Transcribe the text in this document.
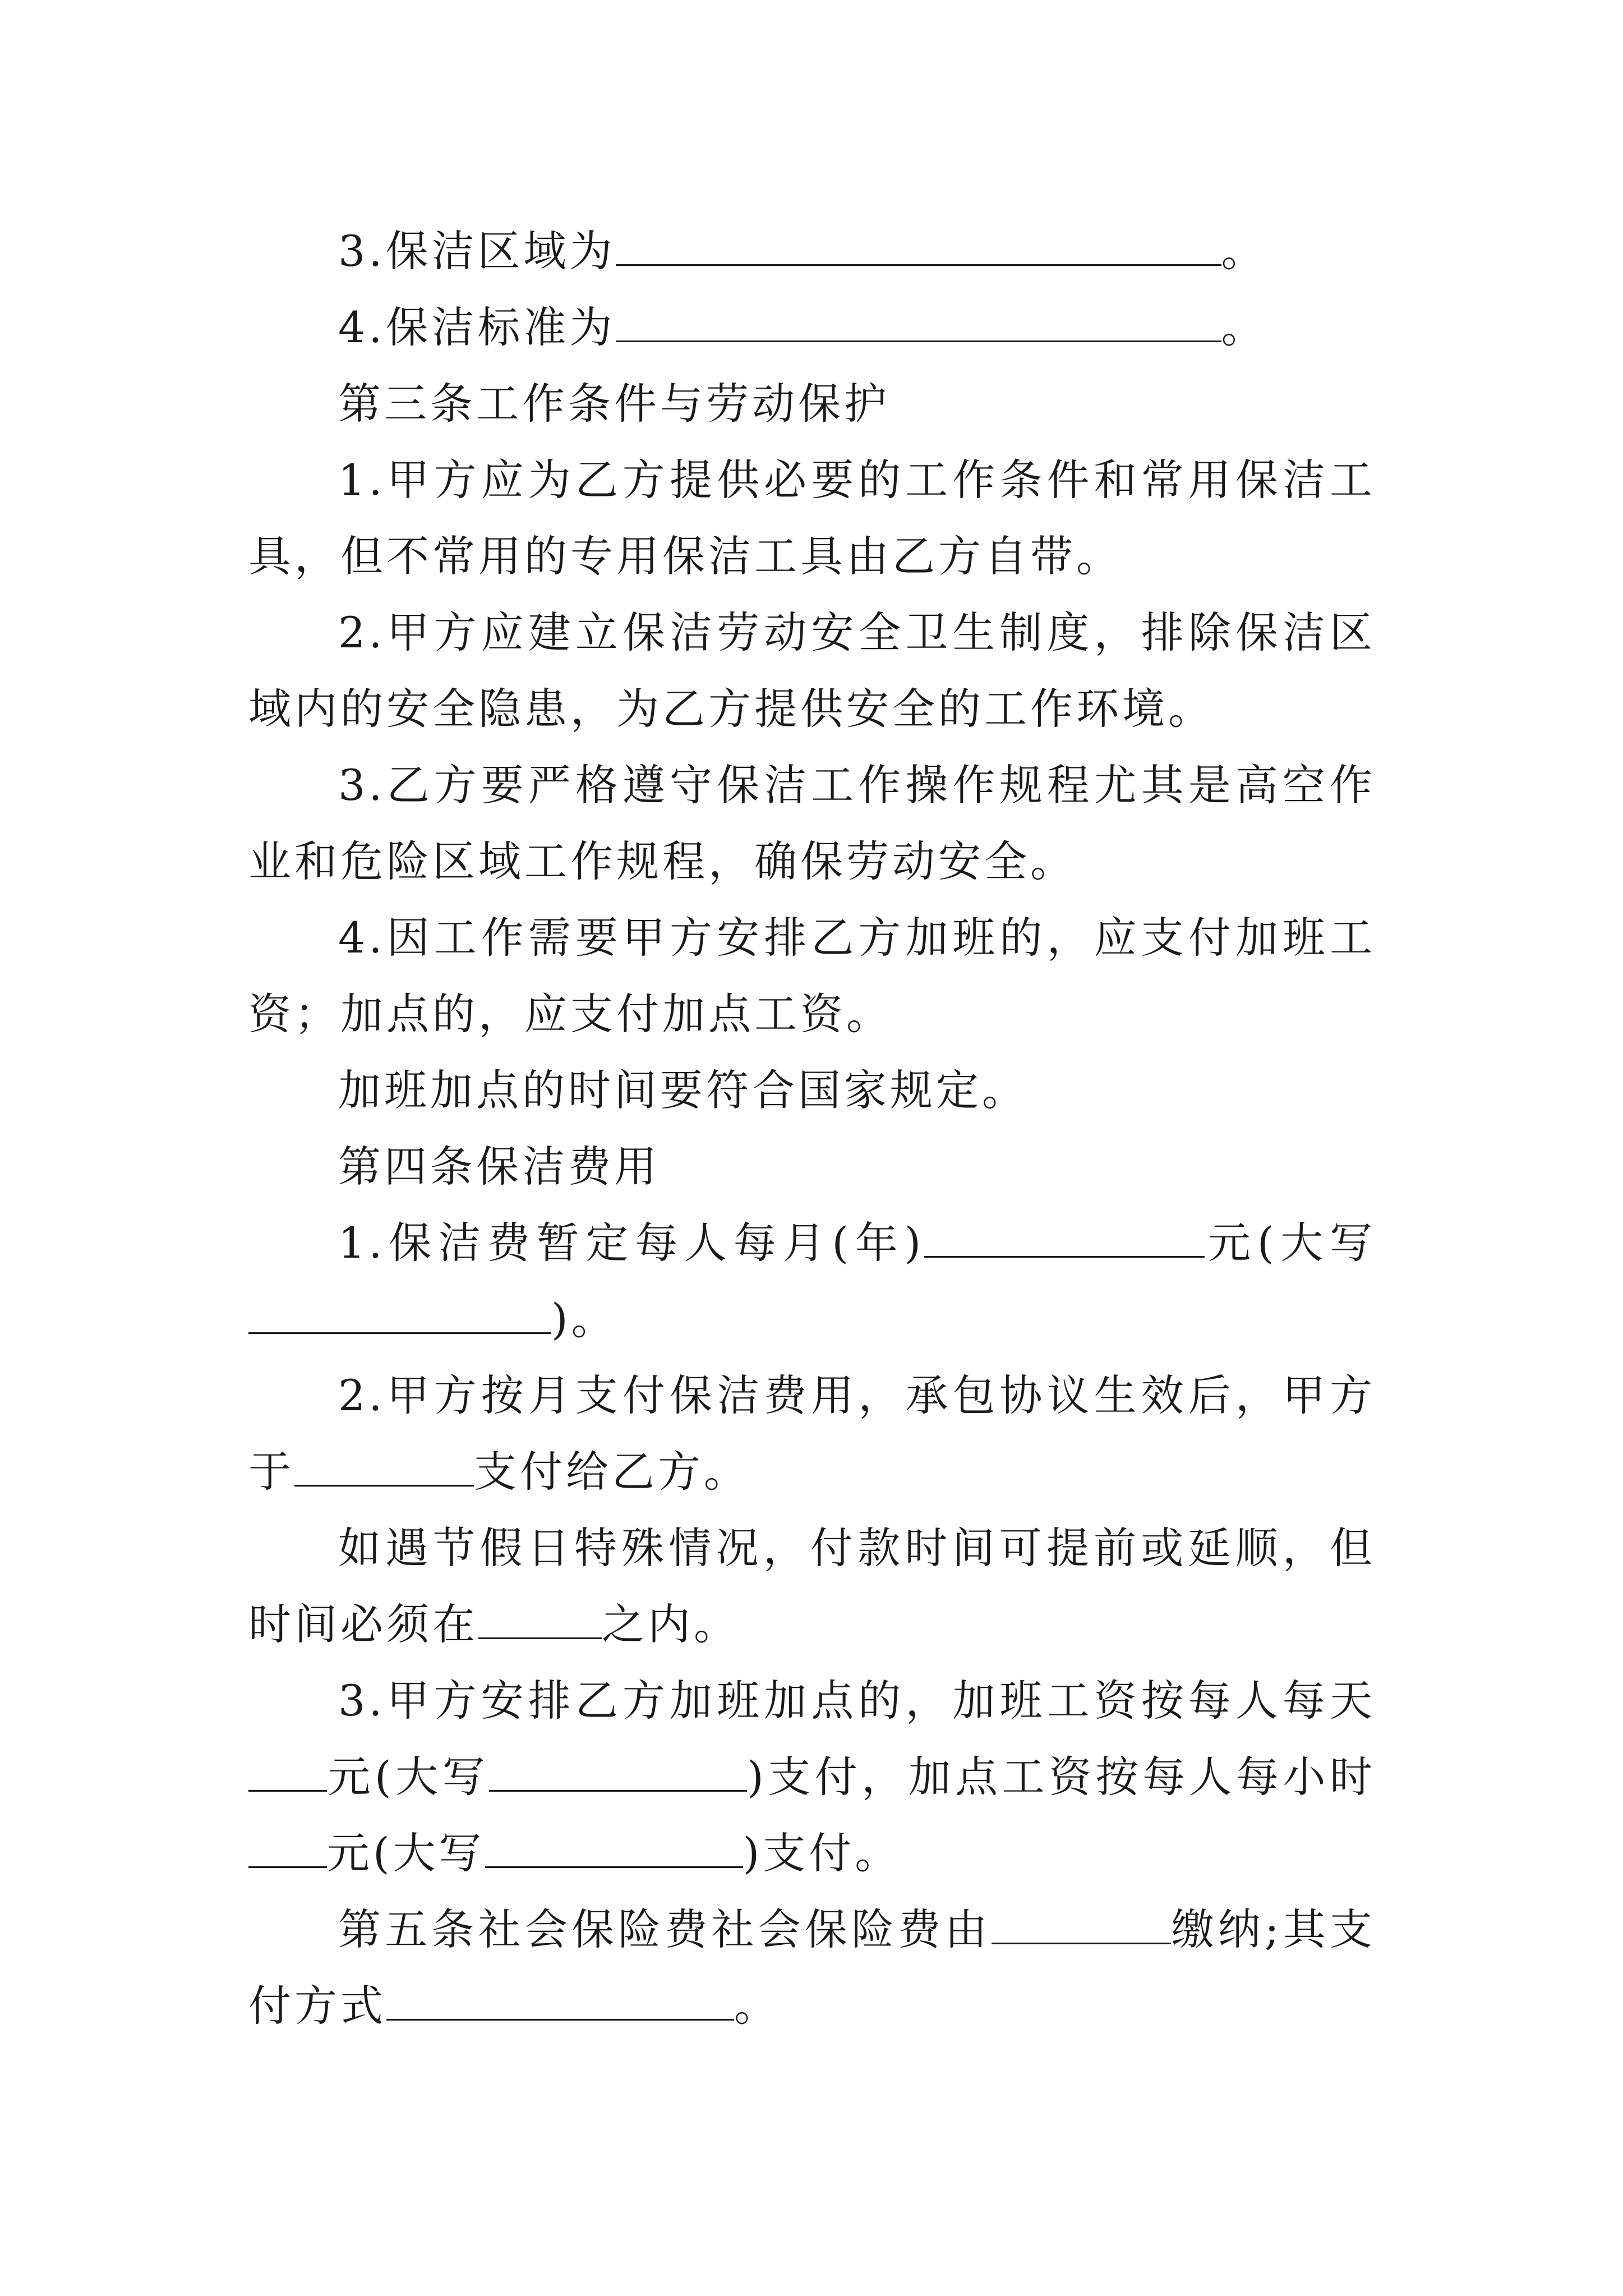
3.保洁区域为	。

4.保洁标准为	。

第三条工作条件与劳动保护

1.甲方应为乙方提供必要的工作条件和常用保洁工具，但不常用的专用保洁工具由乙方自带。

2.甲方应建立保洁劳动安全卫生制度，排除保洁区域内的安全隐患，为乙方提供安全的工作环境。

3.乙方要严格遵守保洁工作操作规程尤其是高空作业和危险区域工作规程，确保劳动安全。

4.因工作需要甲方安排乙方加班的，应支付加班工资；加点的，应支付加点工资。

加班加点的时间要符合国家规定。

第四条保洁费用

1.保洁费暂定每人每月(年)	元(大写)。

2.甲方按月支付保洁费用，承包协议生效后，甲方于	支付给乙方。

如遇节假日特殊情况，付款时间可提前或延顺，但时间必须在	之内。

3.甲方安排乙方加班加点的，加班工资按每人每天元(大写	)支付，加点工资按每人每小时元(大写	)支付。

第五条社会保险费社会保险费由	缴纳;其支付方式	。
